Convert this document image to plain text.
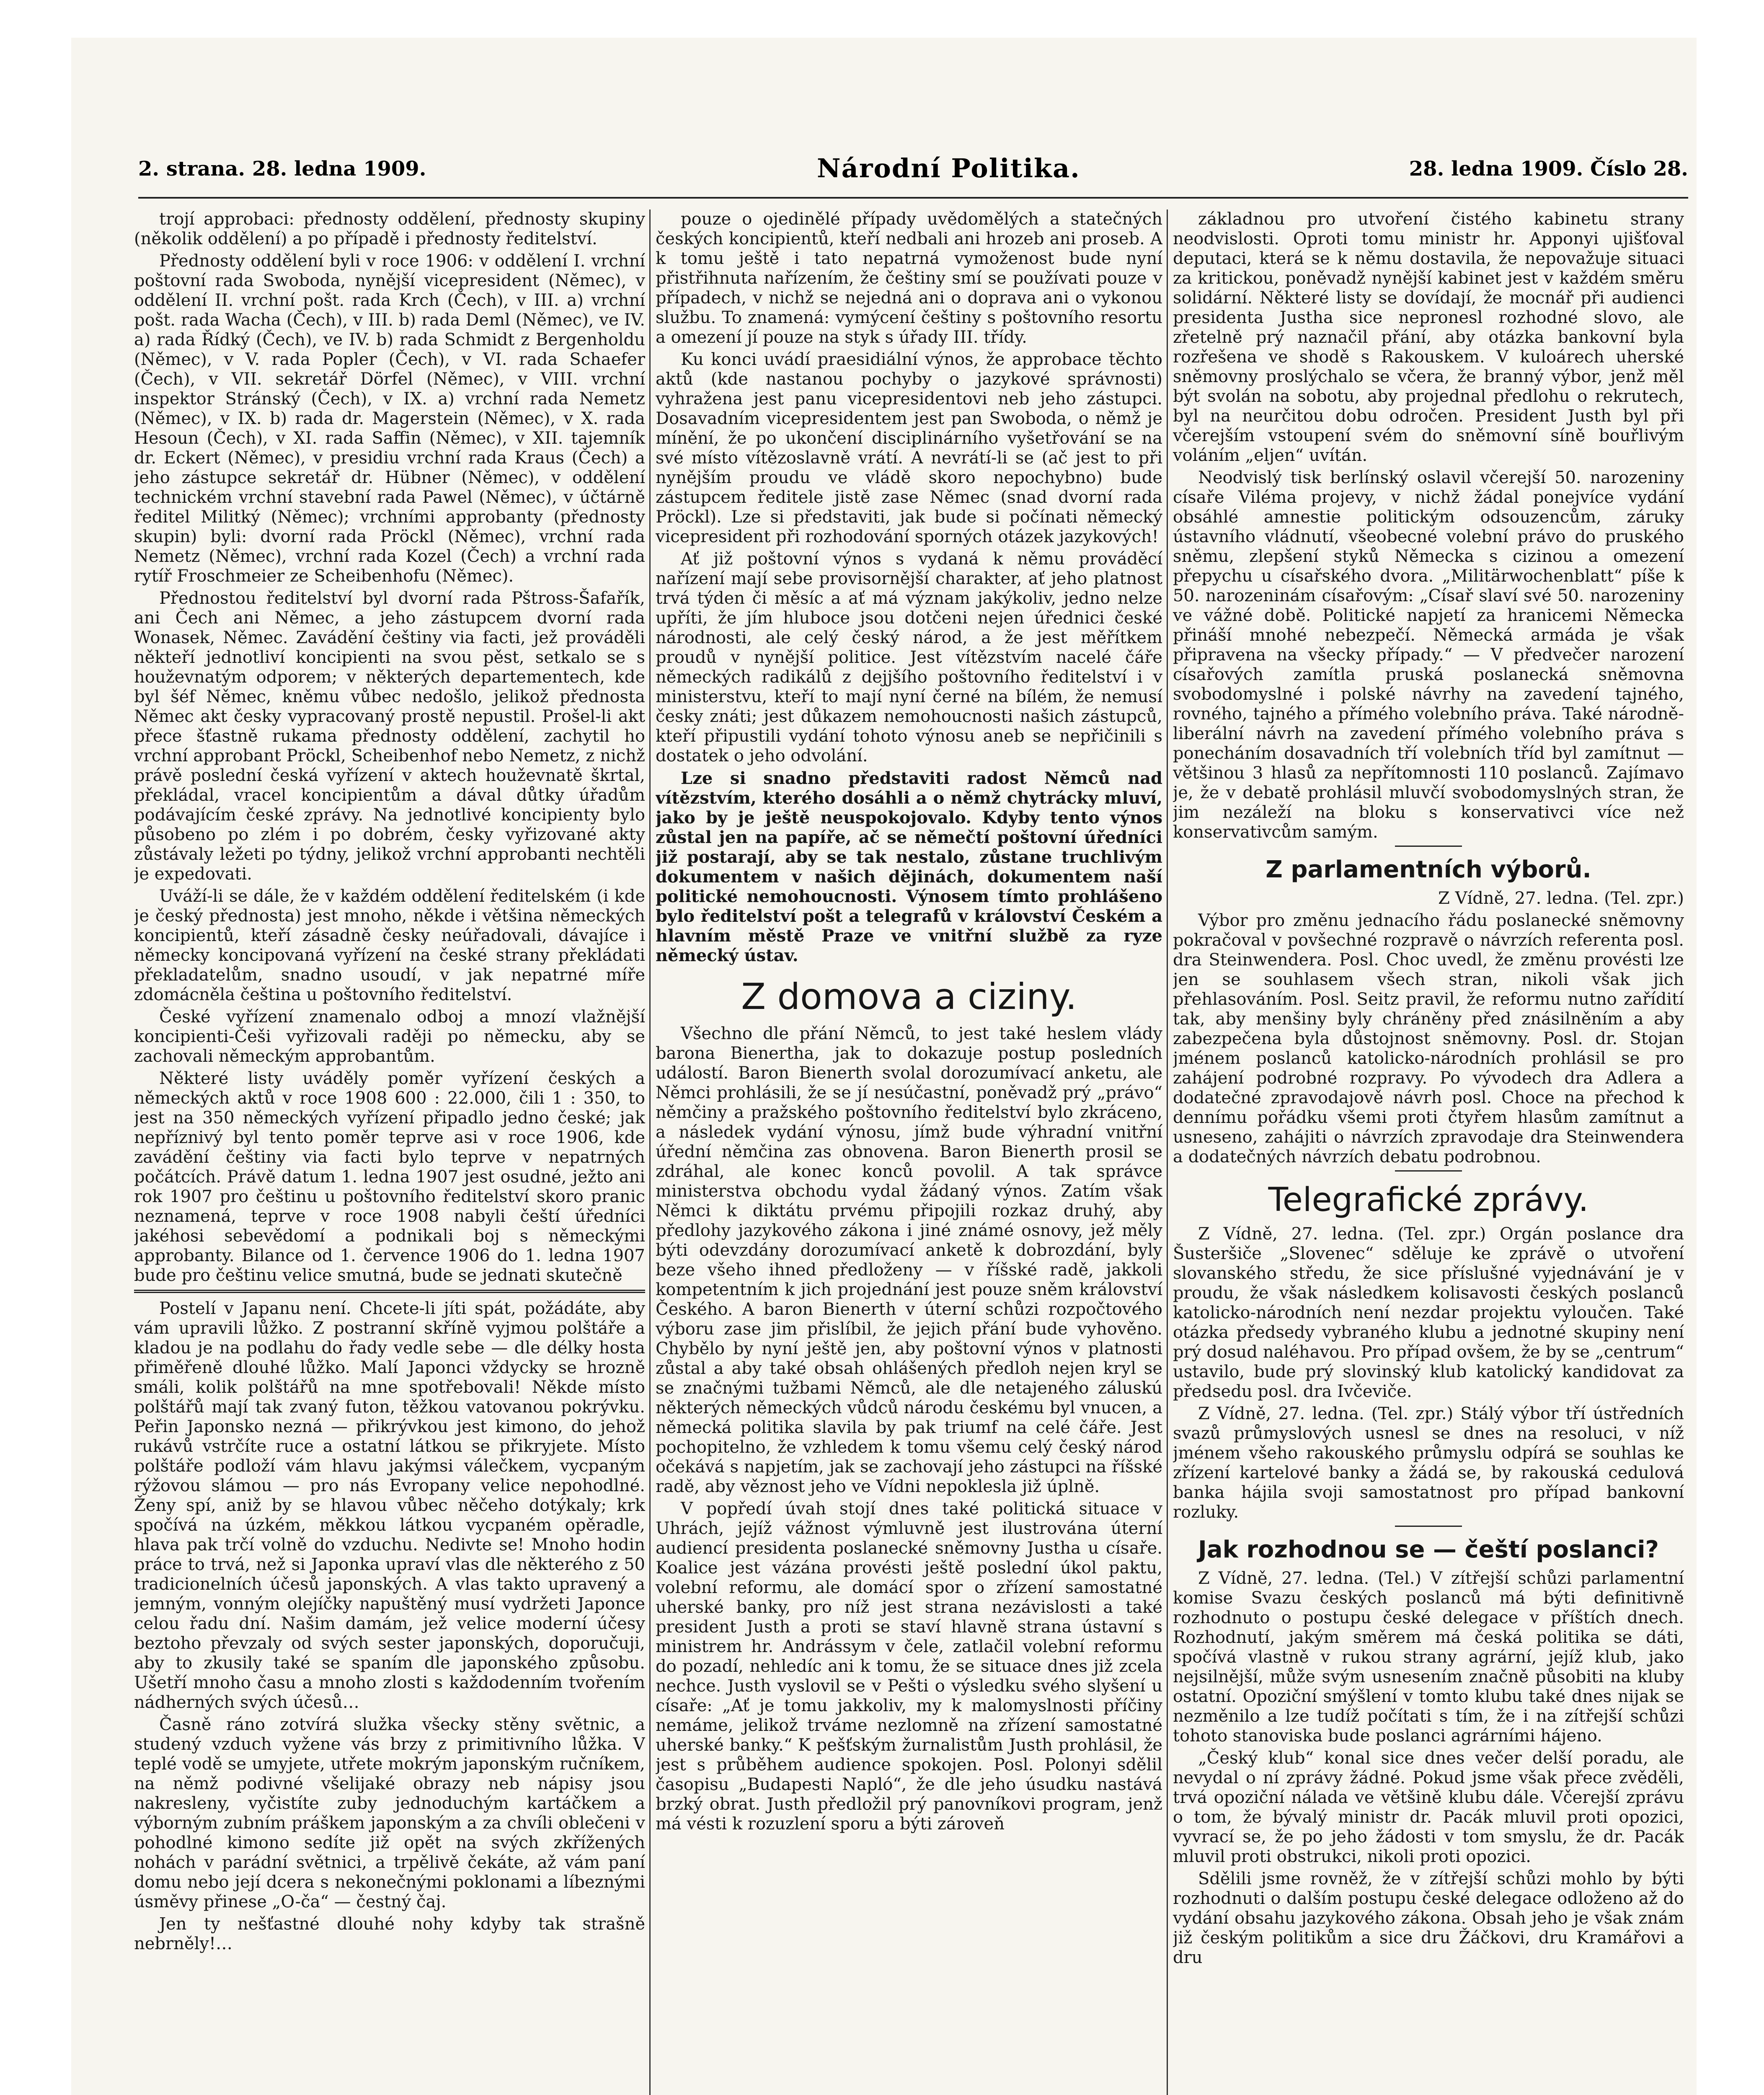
2. strana. 28. ledna 1909.	Národní Politika.	28. ledna 1909. Číslo 28.

trojí approbaci: přednosty oddělení, přednosty skupiny (několik oddělení) a po případě i přednosty ředitelství.

Přednosty oddělení byli v roce 1906: v oddělení I. vrchní poštovní rada Swoboda, nynější vicepresident (Němec), v oddělení II. vrchní pošt. rada Krch (Čech), v III. a) vrchní pošt. rada Wacha (Čech), v III. b) rada Deml (Němec), ve IV. a) rada Řídký (Čech), ve IV. b) rada Schmidt z Bergenholdu (Němec), v V. rada Popler (Čech), v VI. rada Schaefer (Čech), v VII. sekretář Dörfel (Němec), v VIII. vrchní inspektor Stránský (Čech), v IX. a) vrchní rada Nemetz (Němec), v IX. b) rada dr. Magerstein (Němec), v X. rada Hesoun (Čech), v XI. rada Saffin (Němec), v XII. tajemník dr. Eckert (Němec), v presidiu vrchní rada Kraus (Čech) a jeho zástupce sekretář dr. Hübner (Němec), v oddělení technickém vrchní stavební rada Pawel (Němec), v účtárně ředitel Militký (Němec); vrchními approbanty (přednosty skupin) byli: dvorní rada Pröckl (Němec), vrchní rada Nemetz (Němec), vrchní rada Kozel (Čech) a vrchní rada rytíř Froschmeier ze Scheibenhofu (Němec).

Přednostou ředitelství byl dvorní rada Pštross-Šafařík, ani Čech ani Němec, a jeho zástupcem dvorní rada Wonasek, Němec. Zavádění češtiny via facti, jež prováděli někteří jednotliví koncipienti na svou pěst, setkalo se s houževnatým odporem; v některých departementech, kde byl šéf Němec, kněmu vůbec nedošlo, jelikož přednosta Němec akt česky vypracovaný prostě nepustil. Prošel-li akt přece šťastně rukama přednosty oddělení, zachytil ho vrchní approbant Pröckl, Scheibenhof nebo Nemetz, z nichž právě poslední česká vyřízení v aktech houževnatě škrtal, překládal, vracel koncipientům a dával důtky úřadům podávajícím české zprávy. Na jednotlivé koncipienty bylo působeno po zlém i po dobrém, česky vyřizované akty zůstávaly ležeti po týdny, jelikož vrchní approbanti nechtěli je expedovati.

Uváží-li se dále, že v každém oddělení ředitelském (i kde je český přednosta) jest mnoho, někde i většina německých koncipientů, kteří zásadně česky neúřadovali, dávajíce i německy koncipovaná vyřízení na české strany překládati překladatelům, snadno usoudí, v jak nepatrné míře zdomácněla čeština u poštovního ředitelství.

České vyřízení znamenalo odboj a mnozí vlažnější koncipienti-Češi vyřizovali raději po německu, aby se zachovali německým approbantům.

Některé listy uváděly poměr vyřízení českých a německých aktů v roce 1908 600 : 22.000, čili 1 : 350, to jest na 350 německých vyřízení připadlo jedno české; jak nepříznivý byl tento poměr teprve asi v roce 1906, kde zavádění češtiny via facti bylo teprve v nepatrných počátcích. Právě datum 1. ledna 1907 jest osudné, ježto ani rok 1907 pro češtinu u poštovního ředitelství skoro pranic neznamená, teprve v roce 1908 nabyli čeští úředníci jakéhosi sebevědomí a podnikali boj s německými approbanty. Bilance od 1. července 1906 do 1. ledna 1907 bude pro češtinu velice smutná, bude se jednati skutečně

Postelí v Japanu není. Chcete-li jíti spát, požádáte, aby vám upravili lůžko. Z postranní skříně vyjmou polštáře a kladou je na podlahu do řady vedle sebe — dle délky hosta přiměřeně dlouhé lůžko. Malí Japonci vždycky se hrozně smáli, kolik polštářů na mne spotřebovali! Někde místo polštářů mají tak zvaný futon, těžkou vatovanou pokrývku. Peřin Japonsko nezná — přikrývkou jest kimono, do jehož rukávů vstrčíte ruce a ostatní látkou se přikryjete. Místo polštáře podloží vám hlavu jakýmsi válečkem, vycpaným rýžovou slámou — pro nás Evropany velice nepohodlné. Ženy spí, aniž by se hlavou vůbec něčeho dotýkaly; krk spočívá na úzkém, měkkou látkou vycpaném opěradle, hlava pak trčí volně do vzduchu. Nedivte se! Mnoho hodin práce to trvá, než si Japonka upraví vlas dle některého z 50 tradicionelních účesů japonských. A vlas takto upravený a jemným, vonným olejíčky napuštěný musí vydržeti Japonce celou řadu dní. Našim damám, jež velice moderní účesy beztoho převzaly od svých sester japonských, doporučuji, aby to zkusily také se spaním dle japonského způsobu. Ušetří mnoho času a mnoho zlosti s každodenním tvořením nádherných svých účesů…

Časně ráno zotvírá služka všecky stěny světnic, a studený vzduch vyžene vás brzy z primitivního lůžka. V teplé vodě se umyjete, utřete mokrým japonským ručníkem, na němž podivné všelijaké obrazy neb nápisy jsou nakresleny, vyčistíte zuby jednoduchým kartáčkem a výborným zubním práškem japonským a za chvíli oblečeni v pohodlné kimono sedíte již opět na svých zkřížených nohách v parádní světnici, a trpělivě čekáte, až vám paní domu nebo její dcera s nekonečnými poklonami a líbeznými úsměvy přinese „O-ča“ — čestný čaj.

Jen ty nešťastné dlouhé nohy kdyby tak strašně nebrněly!…

pouze o ojedinělé případy uvědomělých a statečných českých koncipientů, kteří nedbali ani hrozeb ani proseb. A k tomu ještě i tato nepatrná vymoženost bude nyní přistřihnuta nařízením, že češtiny smí se používati pouze v případech, v nichž se nejedná ani o doprava ani o vykonou službu. To znamená: vymýcení češtiny s poštovního resortu a omezení jí pouze na styk s úřady III. třídy.

Ku konci uvádí praesidiální výnos, že approbace těchto aktů (kde nastanou pochyby o jazykové správnosti) vyhražena jest panu vicepresidentovi neb jeho zástupci. Dosavadním vicepresidentem jest pan Swoboda, o němž je mínění, že po ukončení disciplinárního vyšetřování se na své místo vítězoslavně vrátí. A nevrátí-li se (ač jest to při nynějším proudu ve vládě skoro nepochybno) bude zástupcem ředitele jistě zase Němec (snad dvorní rada Pröckl). Lze si představiti, jak bude si počínati německý vicepresident při rozhodování sporných otázek jazykových!

Ať již poštovní výnos s vydaná k němu prováděcí nařízení mají sebe provisornější charakter, ať jeho platnost trvá týden či měsíc a ať má význam jakýkoliv, jedno nelze upříti, že jím hluboce jsou dotčeni nejen úřednici české národnosti, ale celý český národ, a že jest měřítkem proudů v nynější politice. Jest vítězstvím nacelé čáře německých radikálů z dejjšího poštovního ředitelství i v ministerstvu, kteří to mají nyní černé na bílém, že nemusí česky znáti; jest důkazem nemohoucnosti našich zástupců, kteří připustili vydání tohoto výnosu aneb se nepřičinili s dostatek o jeho odvolání.

Lze si snadno představiti radost Němců nad vítězstvím, kterého dosáhli a o němž chytrácky mluví, jako by je ještě neuspokojovalo. Kdyby tento výnos zůstal jen na papíře, ač se němečtí poštovní úředníci již postarají, aby se tak nestalo, zůstane truchlivým dokumentem v našich dějinách, dokumentem naší politické nemohoucnosti. Výnosem tímto prohlášeno bylo ředitelství pošt a telegrafů v království Českém a hlavním městě Praze ve vnitřní službě za ryze německý ústav.

Z domova a ciziny.

Všechno dle přání Němců, to jest také heslem vlády barona Bienertha, jak to dokazuje postup posledních událostí. Baron Bienerth svolal dorozumívací anketu, ale Němci prohlásili, že se jí nesúčastní, poněvadž prý „právo“ němčiny a pražského poštovního ředitelství bylo zkráceno, a následek vydání výnosu, jímž bude výhradní vnitřní úřední němčina zas obnovena. Baron Bienerth prosil se zdráhal, ale konec konců povolil. A tak správce ministerstva obchodu vydal žádaný výnos. Zatím však Němci k diktátu prvému připojili rozkaz druhý, aby předlohy jazykového zákona i jiné známé osnovy, jež měly býti odevzdány dorozumívací anketě k dobrozdání, byly beze všeho ihned předloženy — v říšské radě, jakkoli kompetentním k jich projednání jest pouze sněm království Českého. A baron Bienerth v úterní schůzi rozpočtového výboru zase jim přislíbil, že jejich přání bude vyhověno. Chybělo by nyní ještě jen, aby poštovní výnos v platnosti zůstal a aby také obsah ohlášených předloh nejen kryl se se značnými tužbami Němců, ale dle netajeného záluskú některých německých vůdců národu českému byl vnucen, a německá politika slavila by pak triumf na celé čáře. Jest pochopitelno, že vzhledem k tomu všemu celý český národ očekává s napjetím, jak se zachovají jeho zástupci na říšské radě, aby věznost jeho ve Vídni nepoklesla již úplně.

V popředí úvah stojí dnes také politická situace v Uhrách, jejíž vážnost výmluvně jest ilustrována úterní audiencí presidenta poslanecké sněmovny Justha u císaře. Koalice jest vázána provésti ještě poslední úkol paktu, volební reformu, ale domácí spor o zřízení samostatné uherské banky, pro níž jest strana nezávislosti a také president Justh a proti se staví hlavně strana ústavní s ministrem hr. Andrássym v čele, zatlačil volební reformu do pozadí, nehledíc ani k tomu, že se situace dnes již zcela nechce. Justh vyslovil se v Pešti o výsledku svého slyšení u císaře: „Ať je tomu jakkoliv, my k malomyslnosti příčiny nemáme, jelikož trváme nezlomně na zřízení samostatné uherské banky.“ K pešťským žurnalistům Justh prohlásil, že jest s průběhem audience spokojen. Posl. Polonyi sdělil časopisu „Budapesti Napló“, že dle jeho úsudku nastává brzký obrat. Justh předložil prý panovníkovi program, jenž má vésti k rozuzlení sporu a býti zároveň

základnou pro utvoření čistého kabinetu strany neodvislosti. Oproti tomu ministr hr. Apponyi ujišťoval deputaci, která se k němu dostavila, že nepovažuje situaci za kritickou, poněvadž nynější kabinet jest v každém směru solidární. Některé listy se dovídají, že mocnář při audienci presidenta Justha sice nepronesl rozhodné slovo, ale zřetelně prý naznačil přání, aby otázka bankovní byla rozřešena ve shodě s Rakouskem. V kuloárech uherské sněmovny proslýchalo se včera, že branný výbor, jenž měl být svolán na sobotu, aby projednal předlohu o rekrutech, byl na neurčitou dobu odročen. President Justh byl při včerejším vstoupení svém do sněmovní síně bouřlivým voláním „eljen“ uvítán.

Neodvislý tisk berlínský oslavil včerejší 50. narozeniny císaře Viléma projevy, v nichž žádal ponejvíce vydání obsáhlé amnestie politickým odsouzencům, záruky ústavního vládnutí, všeobecné volební právo do pruského sněmu, zlepšení styků Německa s cizinou a omezení přepychu u císařského dvora. „Militärwochenblatt“ píše k 50. narozeninám císařovým: „Císař slaví své 50. narozeniny ve vážné době. Politické napjetí za hranicemi Německa přináší mnohé nebezpečí. Německá armáda je však připravena na všecky případy.“ — V předvečer narození císařových zamítla pruská poslanecká sněmovna svobodomyslné i polské návrhy na zavedení tajného, rovného, tajného a přímého volebního práva. Také národně-liberální návrh na zavedení přímého volebního práva s ponecháním dosavadních tří volebních tříd byl zamítnut — většinou 3 hlasů za nepřítomnosti 110 poslanců. Zajímavo je, že v debatě prohlásil mluvčí svobodomyslných stran, že jim nezáleží na bloku s konservativci více než konservativcům samým.

Z parlamentních výborů.

Z Vídně, 27. ledna. (Tel. zpr.)

Výbor pro změnu jednacího řádu poslanecké sněmovny pokračoval v povšechné rozpravě o návrzích referenta posl. dra Steinwendera. Posl. Choc uvedl, že změnu provésti lze jen se souhlasem všech stran, nikoli však jich přehlasováním. Posl. Seitz pravil, že reformu nutno zařídití tak, aby menšiny byly chráněny před znásilněním a aby zabezpečena byla důstojnost sněmovny. Posl. dr. Stojan jménem poslanců katolicko-národních prohlásil se pro zahájení podrobné rozpravy. Po vývodech dra Adlera a dodatečné zpravodajově návrh posl. Choce na přechod k dennímu pořádku všemi proti čtyřem hlasům zamítnut a usneseno, zahájiti o návrzích zpravodaje dra Steinwendera a dodatečných návrzích debatu podrobnou.

Telegrafické zprávy.

Z Vídně, 27. ledna. (Tel. zpr.) Orgán poslance dra Šusteršiče „Slovenec“ sděluje ke zprávě o utvoření slovanského středu, že sice příslušné vyjednávání je v proudu, že však následkem kolisavosti českých poslanců katolicko-národních není nezdar projektu vyloučen. Také otázka předsedy vybraného klubu a jednotné skupiny není prý dosud naléhavou. Pro případ ovšem, že by se „centrum“ ustavilo, bude prý slovinský klub katolický kandidovat za předsedu posl. dra Ivčeviče.

Z Vídně, 27. ledna. (Tel. zpr.) Stálý výbor tří ústředních svazů průmyslových usnesl se dnes na resoluci, v níž jménem všeho rakouského průmyslu odpírá se souhlas ke zřízení kartelové banky a žádá se, by rakouská cedulová banka hájila svoji samostatnost pro případ bankovní rozluky.

Jak rozhodnou se — čeští poslanci?

Z Vídně, 27. ledna. (Tel.) V zítřejší schůzi parlamentní komise Svazu českých poslanců má býti definitivně rozhodnuto o postupu české delegace v příštích dnech. Rozhodnutí, jakým směrem má česká politika se dáti, spočívá vlastně v rukou strany agrární, jejíž klub, jako nejsilnější, může svým usnesením značně působiti na kluby ostatní. Opoziční smýšlení v tomto klubu také dnes nijak se nezměnilo a lze tudíž počítati s tím, že i na zítřejší schůzi tohoto stanoviska bude poslanci agrárními hájeno.

„Český klub“ konal sice dnes večer delší poradu, ale nevydal o ní zprávy žádné. Pokud jsme však přece zvěděli, trvá opoziční nálada ve většině klubu dále. Včerejší zprávu o tom, že bývalý ministr dr. Pacák mluvil proti opozici, vyvrací se, že po jeho žádosti v tom smyslu, že dr. Pacák mluvil proti obstrukci, nikoli proti opozici.

Sdělili jsme rovněž, že v zítřejší schůzi mohlo by býti rozhodnuti o dalším postupu české delegace odloženo až do vydání obsahu jazykového zákona. Obsah jeho je však znám již českým politikům a sice dru Žáčkovi, dru Kramářovi a dru
